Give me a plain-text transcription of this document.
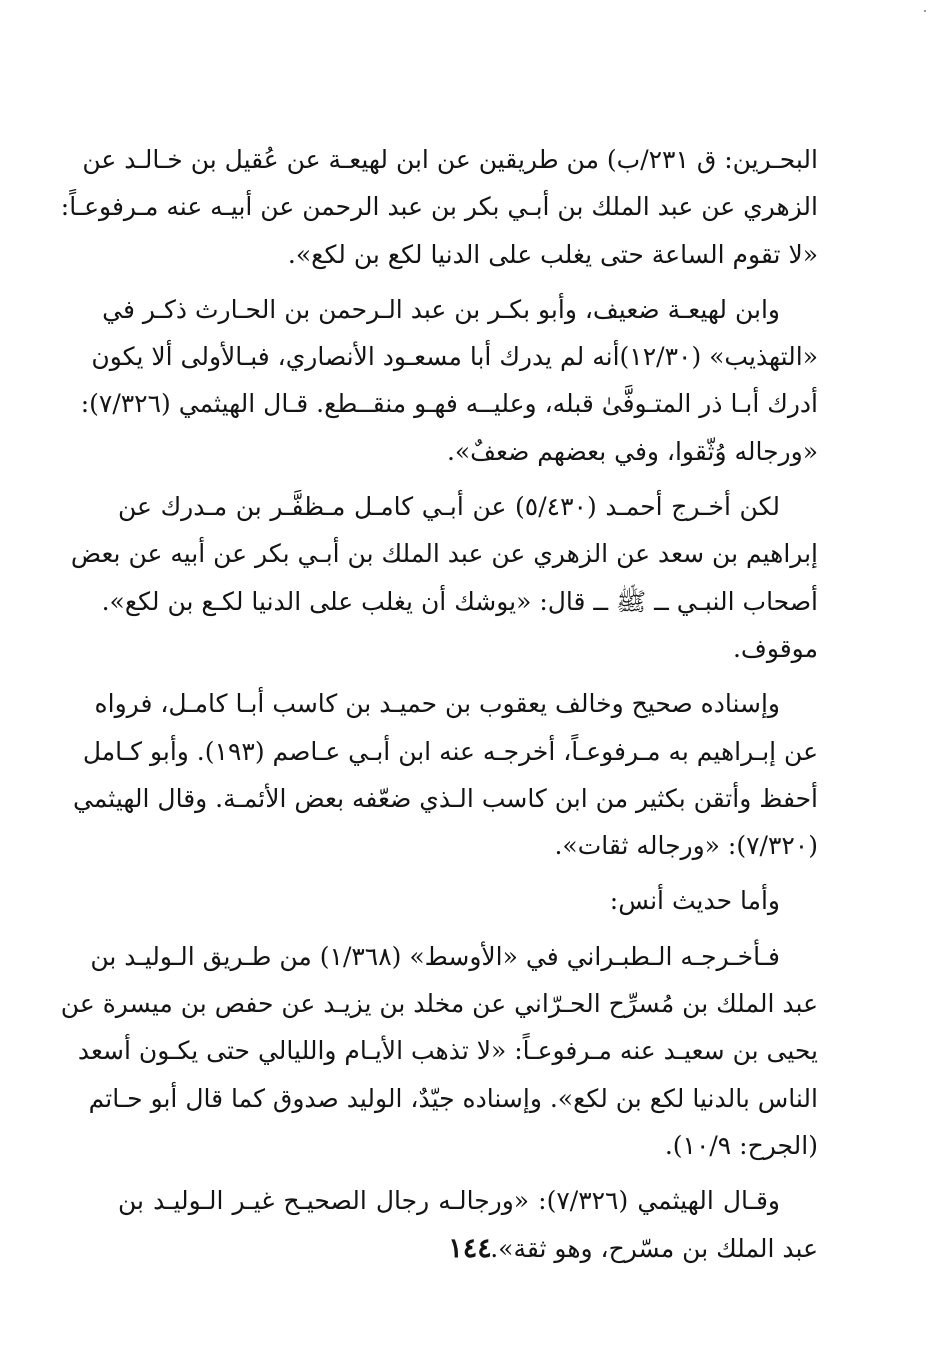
البحـرين: ق ٢٣١/ب) من طريقين عن ابن لهيعـة عن عُقيل بن خـالـد عن
الزهري عن عبد الملك بن أبـي بكر بن عبد الرحمن عن أبيـه عنه مـرفوعـاً:
«لا تقوم الساعة حتى يغلب على الدنيا لكع بن لكع».

وابن لهيعـة ضعيف، وأبو بكـر بن عبد الـرحمن بن الحـارث ذكـر في
«التهذيب» (١٢/٣٠)أنه لم يدرك أبا مسعـود الأنصاري، فبـالأولى ألا يكون
أدرك أبـا ذر المتـوفَّىٰ قبله، وعليــه فهـو منقــطع. قـال الهيثمي (٧/٣٢٦):
«ورجاله وُثّقوا، وفي بعضهم ضعفٌ».

لكن أخـرج أحمـد (٥/٤٣٠) عن أبـي كامـل مـظفَّـر بن مـدرك عن
إبراهيم بن سعد عن الزهري عن عبد الملك بن أبـي بكر عن أبيه عن بعض
أصحاب النبـي ــ ﷺ ــ قال: «يوشك أن يغلب على الدنيا لكـع بن لكع».
موقوف.

وإسناده صحيح وخالف يعقوب بن حميـد بن كاسب أبـا كامـل، فرواه
عن إبـراهيم به مـرفوعـاً، أخرجـه عنه ابن أبـي عـاصم (١٩٣). وأبو كـامل
أحفظ وأتقن بكثير من ابن كاسب الـذي ضعّفه بعض الأئمـة. وقال الهيثمي
(٧/٣٢٠): «ورجاله ثقات».

وأما حديث أنس:

فـأخـرجـه الـطبـراني في «الأوسط» (١/٣٦٨) من طـريق الـوليـد بن
عبد الملك بن مُسرِّح الحـرّاني عن مخلد بن يزيـد عن حفص بن ميسرة عن
يحيى بن سعيـد عنه مـرفوعـاً: «لا تذهب الأيـام والليالي حتى يكـون أسعد
الناس بالدنيا لكع بن لكع». وإسناده جيّدٌ، الوليد صدوق كما قال أبو حـاتم
(الجرح: ١٠/٩).

وقـال الهيثمي (٧/٣٢٦): «ورجالـه رجال الصحيـح غيـر الـوليـد بن
عبد الملك بن مسّرح، وهو ثقة».

١٤٤
